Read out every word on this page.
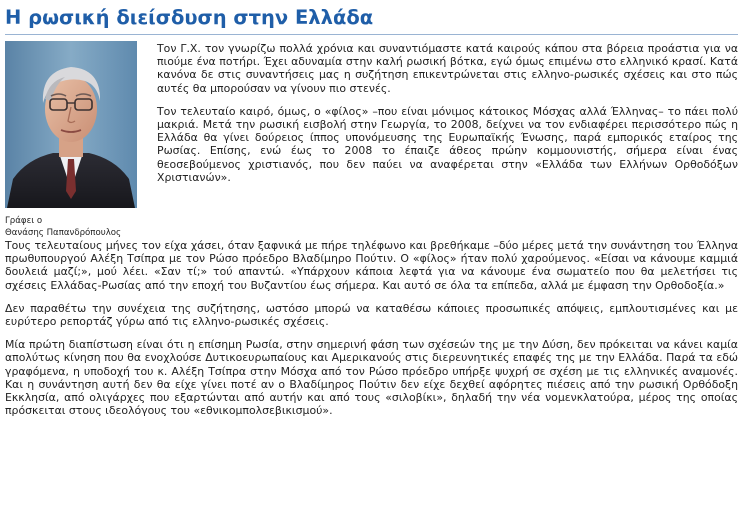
Η ρωσική διείσδυση στην Ελλάδα
Γράφει ο
Θανάσης Παπανδρόπουλος

Τον Γ.Χ. τον γνωρίζω πολλά χρόνια και συναντιόμαστε κατά καιρούς κάπου στα βόρεια προάστια για να πιούμε ένα ποτήρι. Έχει αδυναμία στην καλή ρωσική βότκα, εγώ όμως επιμένω στο ελληνικό κρασί. Κατά κανόνα δε στις συναντήσεις μας η συζήτηση επικεντρώνεται στις ελληνο-ρωσικές σχέσεις και στο πώς αυτές θα μπορούσαν να γίνουν πιο στενές.

Τον τελευταίο καιρό, όμως, ο «φίλος» –που είναι μόνιμος κάτοικος Μόσχας αλλά Έλληνας– το πάει πολύ μακριά. Μετά την ρωσική εισβολή στην Γεωργία, το 2008, δείχνει να τον ενδιαφέρει περισσότερο πώς η Ελλάδα θα γίνει δούρειος ίππος υπονόμευσης της Ευρωπαϊκής Ένωσης, παρά εμπορικός εταίρος της Ρωσίας. Επίσης, ενώ έως το 2008 το έπαιζε άθεος πρώην κομμουνιστής, σήμερα είναι ένας θεοσεβούμενος χριστιανός, που δεν παύει να αναφέρεται στην «Ελλάδα των Ελλήνων Ορθοδόξων Χριστιανών».

Τους τελευταίους μήνες τον είχα χάσει, όταν ξαφνικά με πήρε τηλέφωνο και βρεθήκαμε –δύο μέρες μετά την συνάντηση του Έλληνα πρωθυπουργού Αλέξη Τσίπρα με τον Ρώσο πρόεδρο Βλαδίμηρο Πούτιν. Ο «φίλος» ήταν πολύ χαρούμενος. «Είσαι να κάνουμε καμμιά δουλειά μαζί;», μού λέει. «Σαν τί;» τού απαντώ. «Υπάρχουν κάποια λεφτά για να κάνουμε ένα σωματείο που θα μελετήσει τις σχέσεις Ελλάδας-Ρωσίας από την εποχή του Βυζαντίου έως σήμερα. Και αυτό σε όλα τα επίπεδα, αλλά με έμφαση την Ορθοδοξία.»

Δεν παραθέτω την συνέχεια της συζήτησης, ωστόσο μπορώ να καταθέσω κάποιες προσωπικές απόψεις, εμπλουτισμένες και με ευρύτερο ρεπορτάζ γύρω από τις ελληνο-ρωσικές σχέσεις.

Μία πρώτη διαπίστωση είναι ότι η επίσημη Ρωσία, στην σημερινή φάση των σχέσεών της με την Δύση, δεν πρόκειται να κάνει καμία απολύτως κίνηση που θα ενοχλούσε Δυτικοευρωπαίους και Αμερικανούς στις διερευνητικές επαφές της με την Ελλάδα. Παρά τα εδώ γραφόμενα, η υποδοχή του κ. Αλέξη Τσίπρα στην Μόσχα από τον Ρώσο πρόεδρο υπήρξε ψυχρή σε σχέση με τις ελληνικές αναμονές. Και η συνάντηση αυτή δεν θα είχε γίνει ποτέ αν ο Βλαδίμηρος Πούτιν δεν είχε δεχθεί αφόρητες πιέσεις από την ρωσική Ορθόδοξη Εκκλησία, από ολιγάρχες που εξαρτώνται από αυτήν και από τους «σιλοβίκι», δηλαδή την νέα νομενκλατούρα, μέρος της οποίας πρόσκειται στους ιδεολόγους του «εθνικομπολσεβικισμού».
